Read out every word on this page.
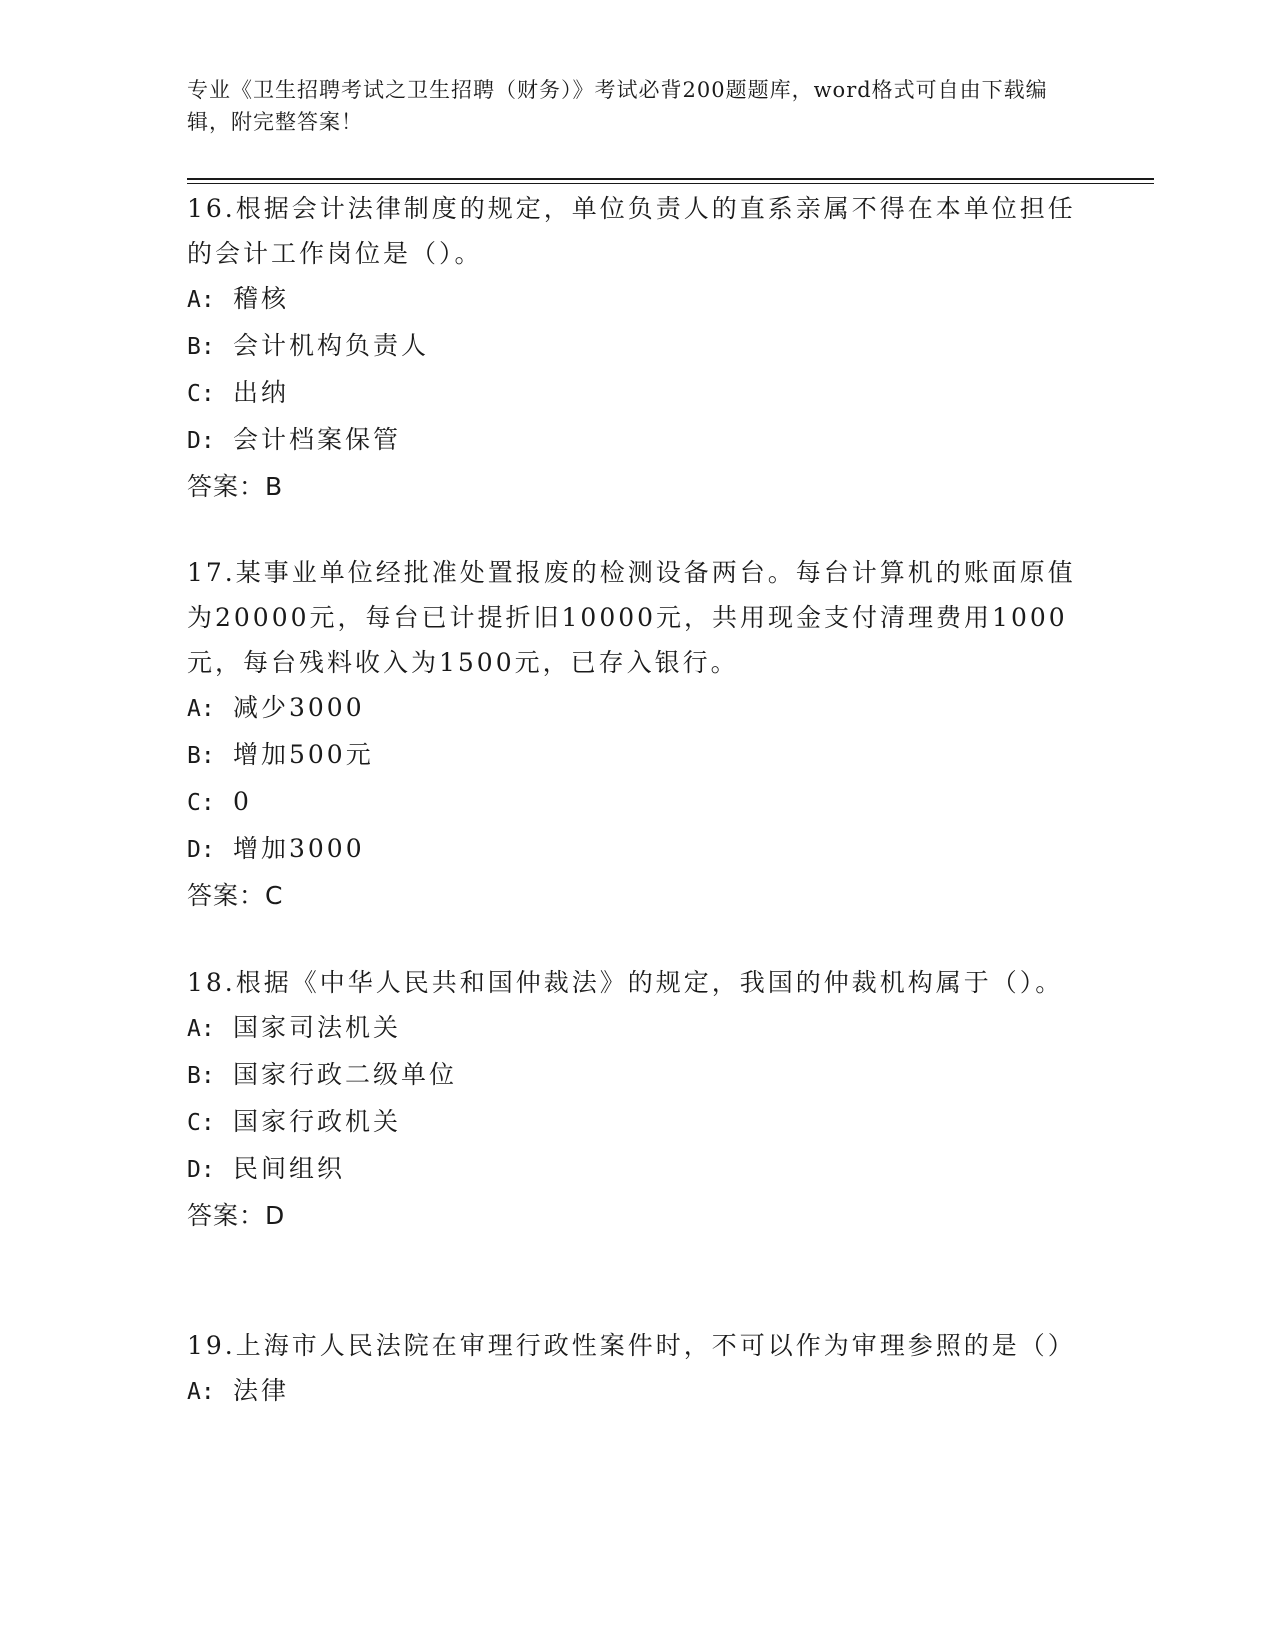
专业《卫生招聘考试之卫生招聘（财务）》考试必背200题题库，word格式可自由下载编辑，附完整答案！

16.根据会计法律制度的规定，单位负责人的直系亲属不得在本单位担任的会计工作岗位是（）。

A: 稽核

B: 会计机构负责人

C: 出纳

D: 会计档案保管

答案：B

17.某事业单位经批准处置报废的检测设备两台。每台计算机的账面原值为20000元，每台已计提折旧10000元，共用现金支付清理费用1000元，每台残料收入为1500元，已存入银行。

A: 减少3000

B: 增加500元

C: 0

D: 增加3000

答案：C

18.根据《中华人民共和国仲裁法》的规定，我国的仲裁机构属于（）。

A: 国家司法机关

B: 国家行政二级单位

C: 国家行政机关

D: 民间组织

答案：D

19.上海市人民法院在审理行政性案件时，不可以作为审理参照的是（）

A: 法律
